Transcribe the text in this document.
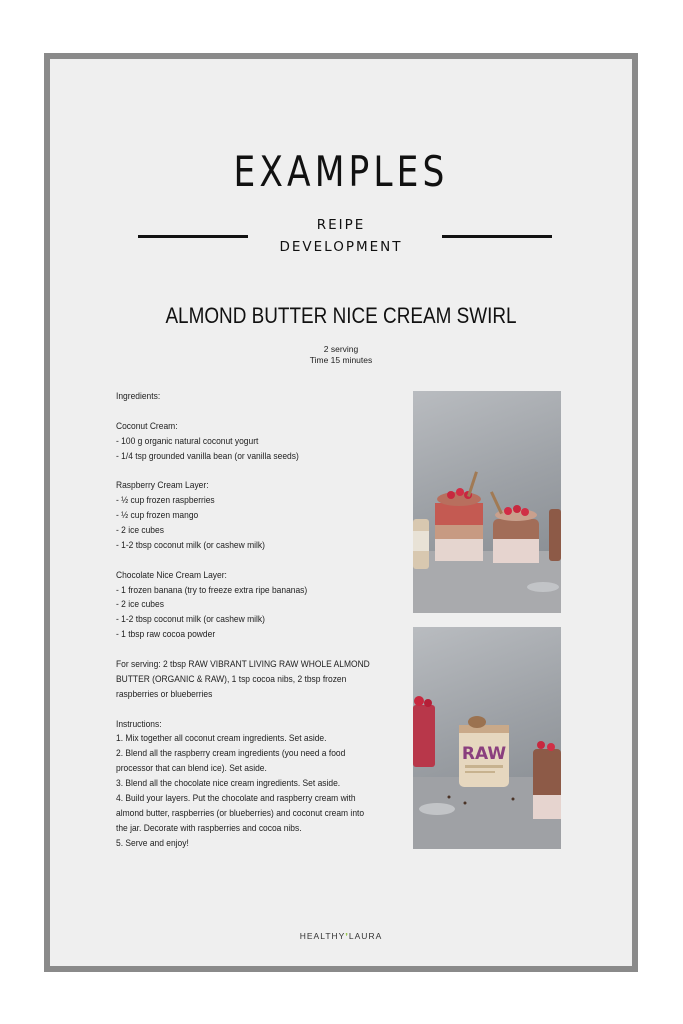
EXAMPLES
REIPE
DEVELOPMENT
ALMOND BUTTER NICE CREAM SWIRL
2 serving
Time 15 minutes
Ingredients:
Coconut Cream:
- 100 g organic natural coconut yogurt
- 1/4 tsp grounded vanilla bean (or vanilla seeds)
Raspberry Cream Layer:
- ½ cup frozen raspberries
- ½ cup frozen mango
- 2 ice cubes
- 1-2 tbsp coconut milk (or cashew milk)
Chocolate Nice Cream Layer:
- 1 frozen banana (try to freeze extra ripe bananas)
- 2 ice cubes
- 1-2 tbsp coconut milk (or cashew milk)
- 1 tbsp raw cocoa powder
For serving: 2 tbsp RAW VIBRANT LIVING RAW WHOLE ALMOND
BUTTER (ORGANIC & RAW), 1 tsp cocoa nibs, 2 tbsp frozen
raspberries or blueberries
Instructions:
1. Mix together all coconut cream ingredients. Set aside.
2. Blend all the raspberry cream ingredients (you need a food
processor that can blend ice). Set aside.
3. Blend all the chocolate nice cream ingredients. Set aside.
4. Build your layers. Put the chocolate and raspberry cream with
almond butter, raspberries (or blueberries) and coconut cream into
the jar. Decorate with raspberries and cocoa nibs.
5. Serve and enjoy!
RAW
HEALTHY❜LAURA
